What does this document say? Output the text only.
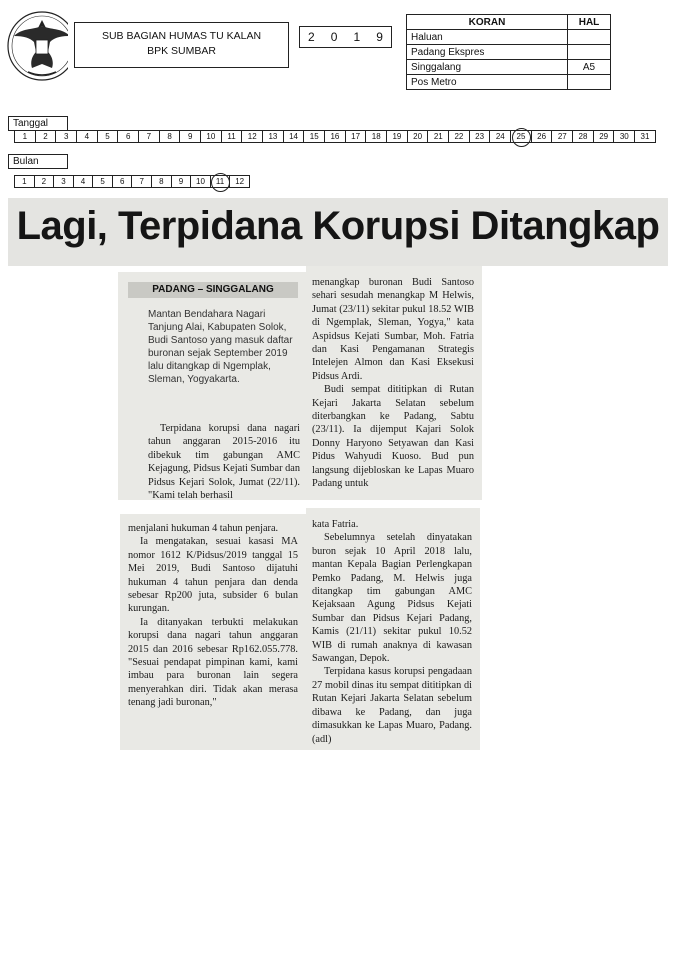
SUB BAGIAN HUMAS TU KALAN
BPK SUMBAR
2	0	1	9
KORAN	HAL
Haluan	
Padang Ekspres	
Singgalang	A5
Pos Metro	
Tanggal
1	2	3	4	5	6	7	8	9	10	11	12	13	14	15	16	17	18	19	20	21	22	23	24	25	26	27	28	29	30	31
Bulan
1	2	3	4	5	6	7	8	9	10	11	12
Lagi, Terpidana Korupsi Ditangkap
PADANG – SINGGALANG
Mantan Bendahara Nagari Tanjung Alai, Kabupaten Solok, Budi Santoso yang masuk daftar buronan sejak September 2019 lalu ditangkap di Ngemplak, Sleman, Yogyakarta.

Terpidana korupsi dana nagari tahun anggaran 2015-2016 itu dibekuk tim gabungan AMC Kejagung, Pidsus Kejati Sumbar dan Pidsus Kejari Solok, Jumat (22/11). "Kami telah berhasil

menangkap buronan Budi Santoso sehari sesudah menangkap M Helwis, Jumat (23/11) sekitar pukul 18.52 WIB di Ngemplak, Sleman, Yogya," kata Aspidsus Kejati Sumbar, Moh. Fatria dan Kasi Pengamanan Strategis Intelejen Almon dan Kasi Eksekusi Pidsus Ardi.

Budi sempat dititipkan di Rutan Kejari Jakarta Selatan sebelum diterbangkan ke Padang, Sabtu (23/11). Ia dijemput Kajari Solok Donny Haryono Setyawan dan Kasi Pidus Wahyudi Kuoso. Bud pun langsung dijebloskan ke Lapas Muaro Padang untuk

menjalani hukuman 4 tahun penjara.

Ia mengatakan, sesuai kasasi MA nomor 1612 K/Pidsus/2019 tanggal 15 Mei 2019, Budi Santoso dijatuhi hukuman 4 tahun penjara dan denda sebesar Rp200 juta, subsider 6 bulan kurungan.

Ia ditanyakan terbukti melakukan korupsi dana nagari tahun anggaran 2015 dan 2016 sebesar Rp162.055.778. "Sesuai pendapat pimpinan kami, kami imbau para buronan lain segera menyerahkan diri. Tidak akan merasa tenang jadi buronan,"

kata Fatria.

Sebelumnya setelah dinyatakan buron sejak 10 April 2018 lalu, mantan Kepala Bagian Perlengkapan Pemko Padang, M. Helwis juga ditangkap tim gabungan AMC Kejaksaan Agung Pidsus Kejati Sumbar dan Pidsus Kejari Padang, Kamis (21/11) sekitar pukul 10.52 WIB di rumah anaknya di kawasan Sawangan, Depok.

Terpidana kasus korupsi pengadaan 27 mobil dinas itu sempat dititipkan di Rutan Kejari Jakarta Selatan sebelum dibawa ke Padang, dan juga dimasukkan ke Lapas Muaro, Padang. (adl)
